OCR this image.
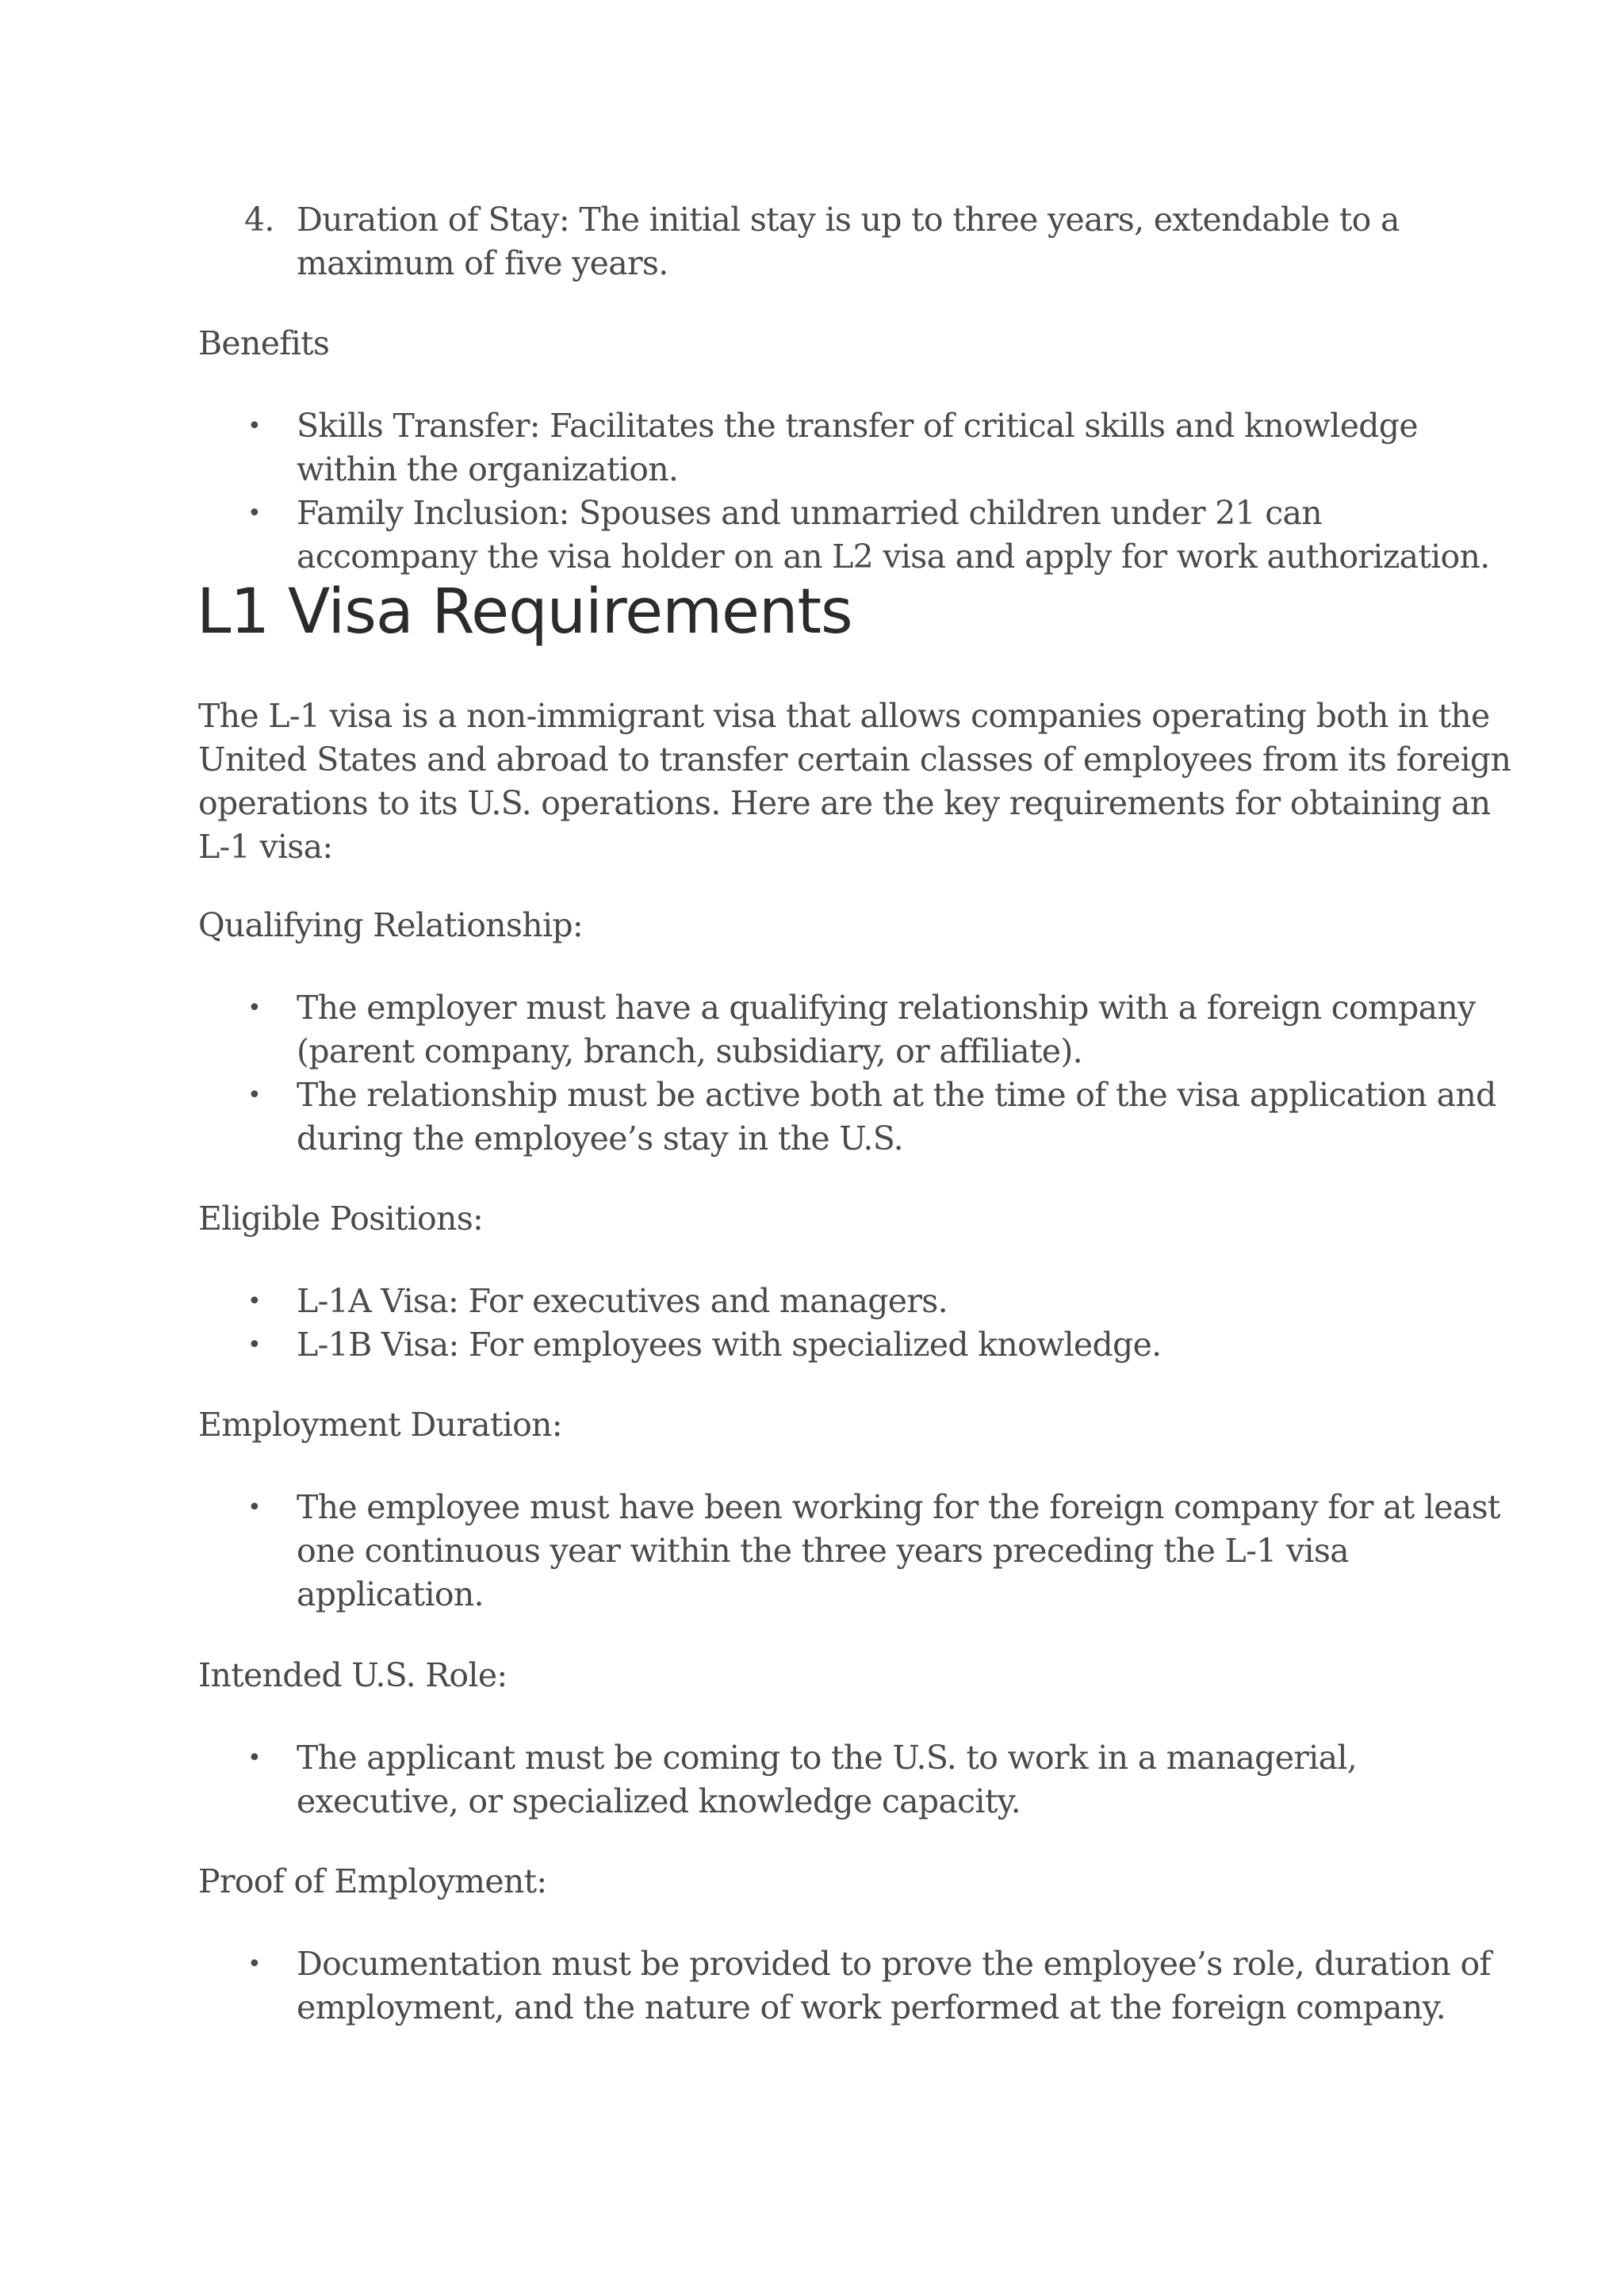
4. Duration of Stay: The initial stay is up to three years, extendable to a
maximum of five years.

Benefits

•	Skills Transfer: Facilitates the transfer of critical skills and knowledge
within the organization.
•	Family Inclusion: Spouses and unmarried children under 21 can
accompany the visa holder on an L2 visa and apply for work authorization.
L1 Visa Requirements

The L-1 visa is a non-immigrant visa that allows companies operating both in the
United States and abroad to transfer certain classes of employees from its foreign
operations to its U.S. operations. Here are the key requirements for obtaining an
L-1 visa:

Qualifying Relationship:

•	The employer must have a qualifying relationship with a foreign company
(parent company, branch, subsidiary, or affiliate).
•	The relationship must be active both at the time of the visa application and
during the employee’s stay in the U.S.

Eligible Positions:

•	L-1A Visa: For executives and managers.
•	L-1B Visa: For employees with specialized knowledge.

Employment Duration:

•	The employee must have been working for the foreign company for at least
one continuous year within the three years preceding the L-1 visa
application.

Intended U.S. Role:

•	The applicant must be coming to the U.S. to work in a managerial,
executive, or specialized knowledge capacity.

Proof of Employment:

•	Documentation must be provided to prove the employee’s role, duration of
employment, and the nature of work performed at the foreign company.
